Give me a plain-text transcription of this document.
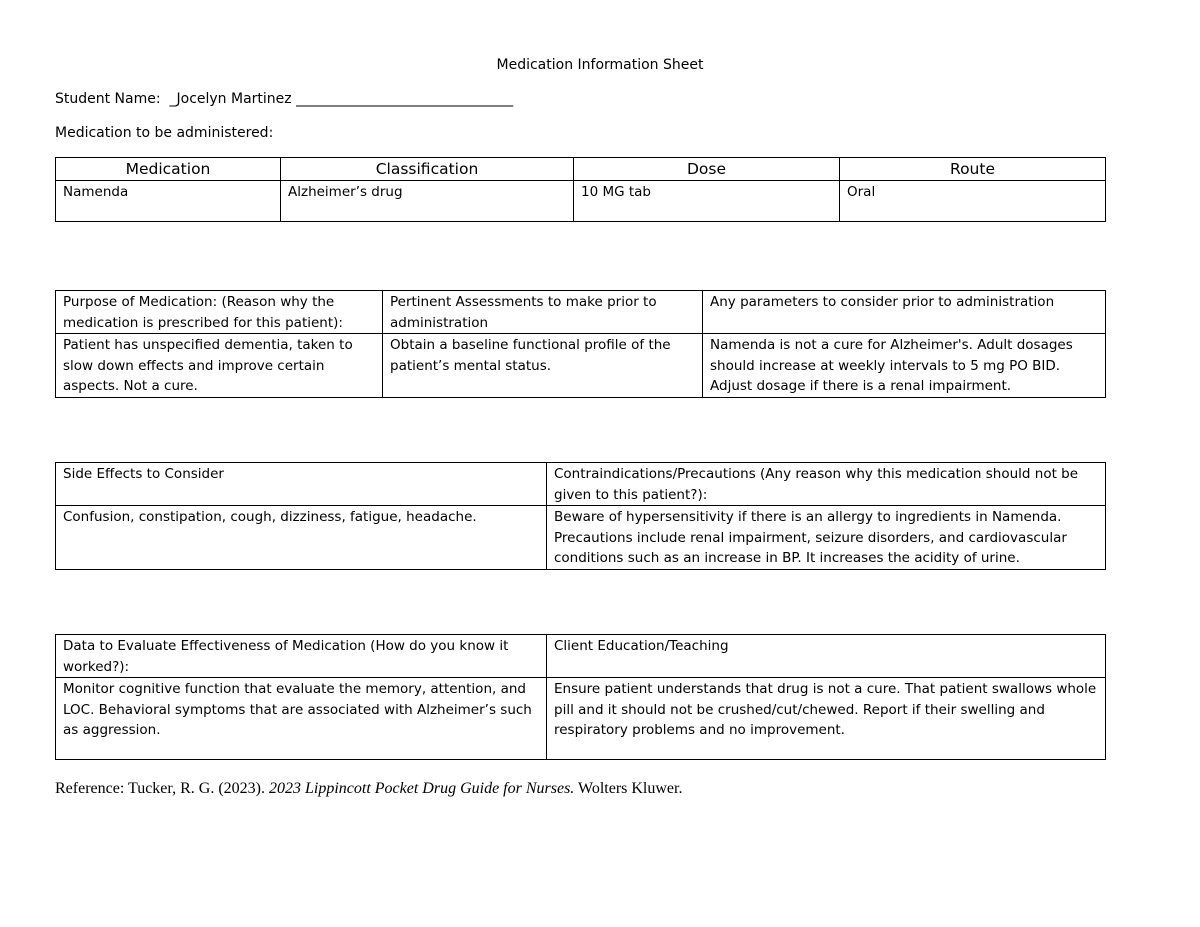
Medication Information Sheet
Student Name: _Jocelyn Martinez _______________________________
Medication to be administered:
Medication	Classification	Dose	Route
Namenda	Alzheimer’s drug	10 MG tab	Oral
Purpose of Medication: (Reason why the medication is prescribed for this patient):	Pertinent Assessments to make prior to administration	Any parameters to consider prior to administration
Patient has unspecified dementia, taken to slow down effects and improve certain aspects. Not a cure.	Obtain a baseline functional profile of the patient’s mental status.	Namenda is not a cure for Alzheimer's. Adult dosages should increase at weekly intervals to 5 mg PO BID. Adjust dosage if there is a renal impairment.
Side Effects to Consider	Contraindications/Precautions (Any reason why this medication should not be given to this patient?):
Confusion, constipation, cough, dizziness, fatigue, headache.	Beware of hypersensitivity if there is an allergy to ingredients in Namenda. Precautions include renal impairment, seizure disorders, and cardiovascular conditions such as an increase in BP. It increases the acidity of urine.
Data to Evaluate Effectiveness of Medication (How do you know it worked?):	Client Education/Teaching
Monitor cognitive function that evaluate the memory, attention, and LOC. Behavioral symptoms that are associated with Alzheimer’s such as aggression.	Ensure patient understands that drug is not a cure. That patient swallows whole pill and it should not be crushed/cut/chewed. Report if their swelling and respiratory problems and no improvement.
Reference: Tucker, R. G. (2023). 2023 Lippincott Pocket Drug Guide for Nurses. Wolters Kluwer.
